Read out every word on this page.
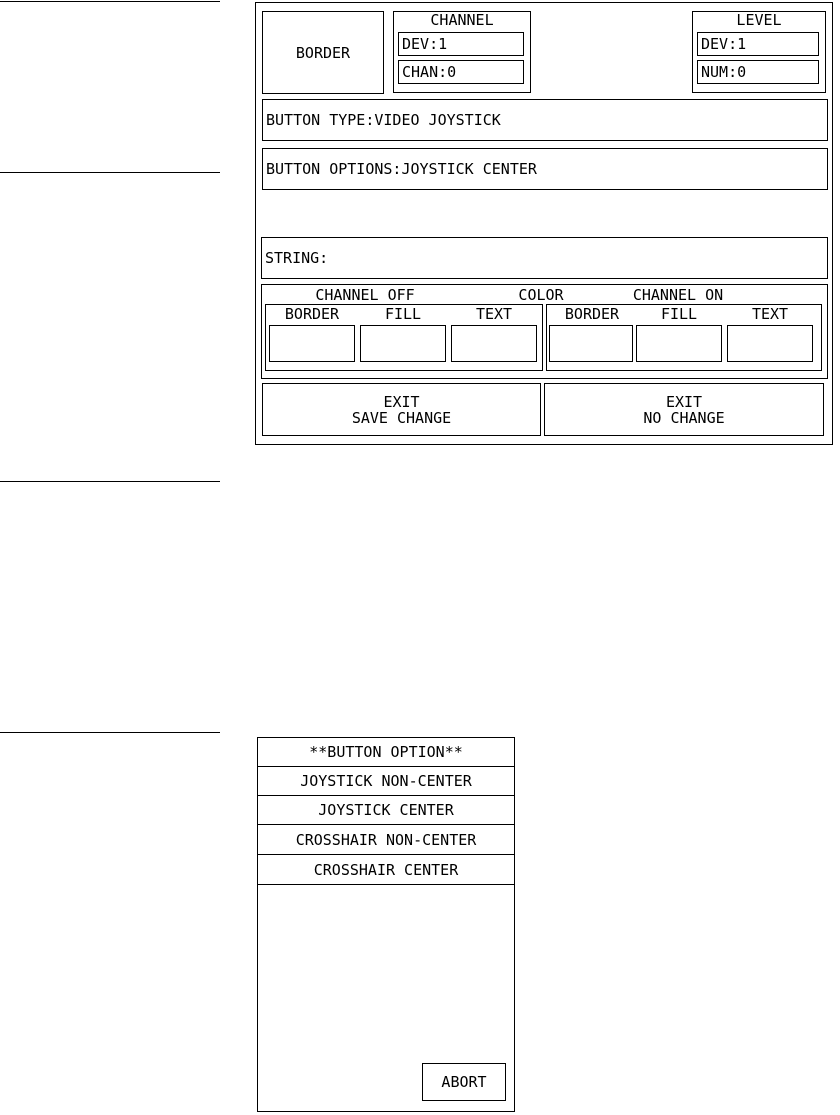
BORDER
CHANNEL
DEV:1
CHAN:0
LEVEL
DEV:1
NUM:0
BUTTON TYPE:VIDEO JOYSTICK
BUTTON OPTIONS:JOYSTICK CENTER
STRING:
CHANNEL OFF	COLOR	CHANNEL ON
BORDER	FILL	TEXT	BORDER	FILL	TEXT
EXIT
SAVE CHANGE
EXIT
NO CHANGE
**BUTTON OPTION**
JOYSTICK NON-CENTER
JOYSTICK CENTER
CROSSHAIR NON-CENTER
CROSSHAIR CENTER
ABORT
